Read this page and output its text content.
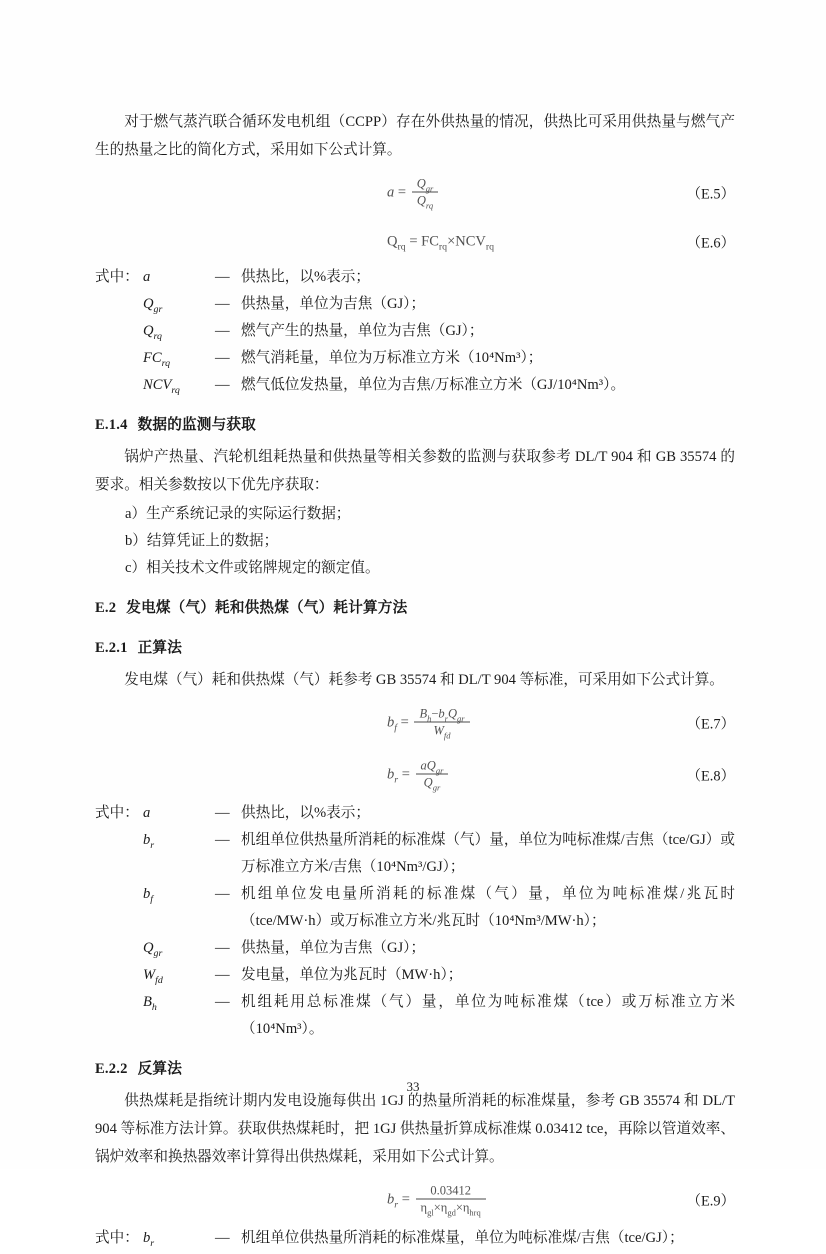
对于燃气蒸汽联合循环发电机组（CCPP）存在外供热量的情况，供热比可采用供热量与燃气产生的热量之比的简化方式，采用如下公式计算。

$a = \frac{Q_{gr}}{Q_{rq}}$	（E.5）
$Q_{rq} = FC_{rq}\times NCV_{rq}$	（E.6）
式中： a	— 供热比，以%表示；
$Q_{gr}$	— 供热量，单位为吉焦（GJ）；
$Q_{rq}$	— 燃气产生的热量，单位为吉焦（GJ）；
$FC_{rq}$	— 燃气消耗量，单位为万标准立方米（10⁴Nm³）；
$NCV_{rq}$	— 燃气低位发热量，单位为吉焦/万标准立方米（GJ/10⁴Nm³）。
E.1.4 数据的监测与获取

锅炉产热量、汽轮机组耗热量和供热量等相关参数的监测与获取参考 DL/T 904 和 GB 35574 的要求。相关参数按以下优先序获取：

a）生产系统记录的实际运行数据；

b）结算凭证上的数据；

c）相关技术文件或铭牌规定的额定值。

E.2 发电煤（气）耗和供热煤（气）耗计算方法
E.2.1 正算法

发电煤（气）耗和供热煤（气）耗参考 GB 35574 和 DL/T 904 等标准，可采用如下公式计算。

$b_f = \frac{B_h-b_rQ_{gr}}{W_{fd}}$	（E.7）
$b_r = \frac{aQ_{gr}}{Q_{gr}}$	（E.8）
式中： a	— 供热比，以%表示；
$b_r$	— 机组单位供热量所消耗的标准煤（气）量，单位为吨标准煤/吉焦（tce/GJ）或万标准立方米/吉焦（10⁴Nm³/GJ）；
$b_f$	— 机组单位发电量所消耗的标准煤（气）量，单位为吨标准煤/兆瓦时（tce/MW·h）或万标准立方米/兆瓦时（10⁴Nm³/MW·h）；
$Q_{gr}$	— 供热量，单位为吉焦（GJ）；
$W_{fd}$	— 发电量，单位为兆瓦时（MW·h）；
$B_h$	— 机组耗用总标准煤（气）量，单位为吨标准煤（tce）或万标准立方米（10⁴Nm³）。
E.2.2 反算法

供热煤耗是指统计期内发电设施每供出 1GJ 的热量所消耗的标准煤量，参考 GB 35574 和 DL/T 904 等标准方法计算。获取供热煤耗时，把 1GJ 供热量折算成标准煤 0.03412 tce，再除以管道效率、锅炉效率和换热器效率计算得出供热煤耗，采用如下公式计算。

$b_r = \frac{0.03412}{\eta_{gl}\times\eta_{gd}\times\eta_{hrq}}$	（E.9）
式中： $b_r$	— 机组单位供热量所消耗的标准煤量，单位为吨标准煤/吉焦（tce/GJ）；
33
